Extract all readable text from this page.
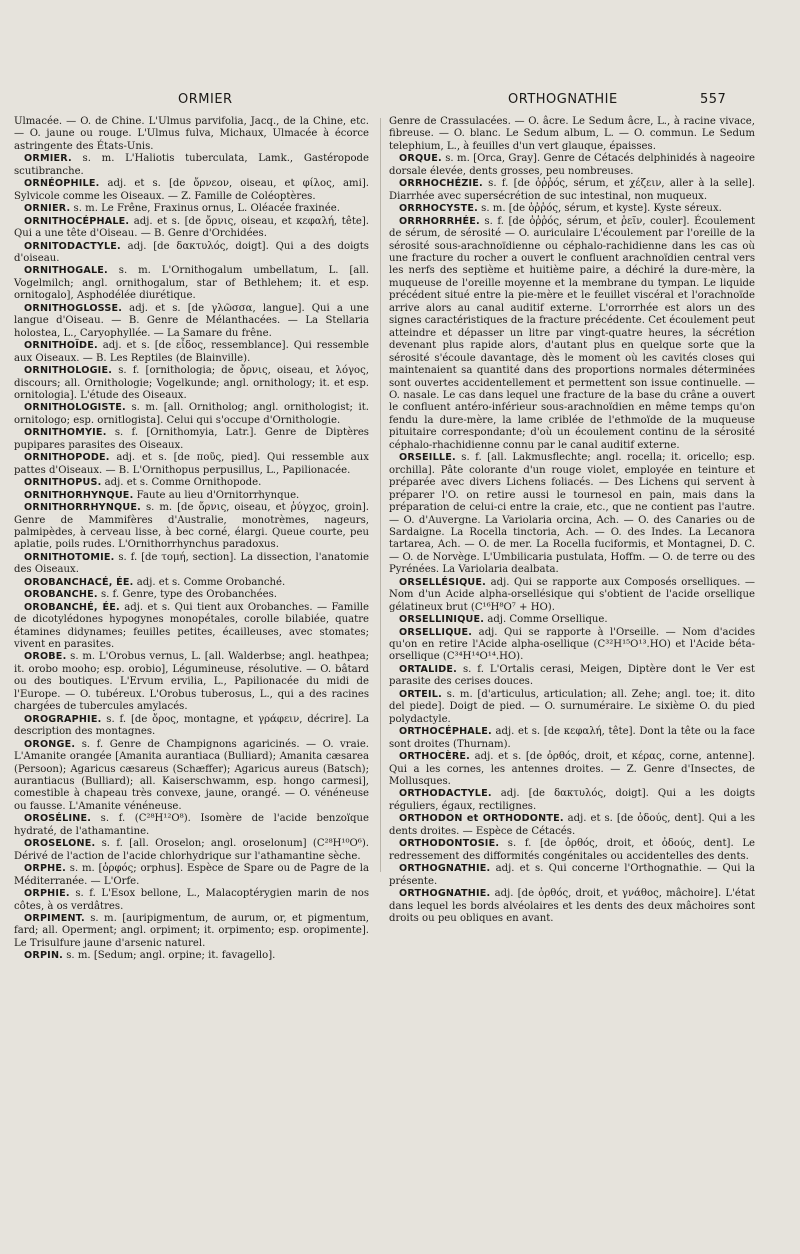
ORMIER	ORTHOGNATHIE	557

Ulmacée. — O. de Chine. L'Ulmus parvifolia, Jacq., de la Chine, etc. — O. jaune ou rouge. L'Ulmus fulva, Michaux, Ulmacée à écorce astringente des États-Unis.

ORMIER. s. m. L'Haliotis tuberculata, Lamk., Gastéropode scutibranche.

ORNÉOPHILE. adj. et s. [de ὄρνεον, oiseau, et φίλος, ami]. Sylvicole comme les Oiseaux. — Z. Famille de Coléoptères.

ORNIER. s. m. Le Frêne, Fraxinus ornus, L. Oléacée fraxinée.

ORNITHOCÉPHALE. adj. et s. [de ὄρνις, oiseau, et κεφαλή, tête]. Qui a une tête d'Oiseau. — B. Genre d'Orchidées.

ORNITODACTYLE. adj. [de δακτυλός, doigt]. Qui a des doigts d'oiseau.

ORNITHOGALE. s. m. L'Ornithogalum umbellatum, L. [all. Vogelmilch; angl. ornithogalum, star of Bethlehem; it. et esp. ornitogalo], Asphodélée diurétique.

ORNITHOGLOSSE. adj. et s. [de γλῶσσα, langue]. Qui a une langue d'Oiseau. — B. Genre de Mélanthacées. — La Stellaria holostea, L., Caryophyllée. — La Samare du frêne.

ORNITHOÏDE. adj. et s. [de εἶδος, ressemblance]. Qui ressemble aux Oiseaux. — B. Les Reptiles (de Blainville).

ORNITHOLOGIE. s. f. [ornithologia; de ὄρνις, oiseau, et λόγος, discours; all. Ornithologie; Vogelkunde; angl. ornithology; it. et esp. ornitologia]. L'étude des Oiseaux.

ORNITHOLOGISTE. s. m. [all. Ornitholog; angl. ornithologist; it. ornitologo; esp. ornitlogista]. Celui qui s'occupe d'Ornithologie.

ORNITHOMYIE. s. f. [Ornithomyia, Latr.]. Genre de Diptères pupipares parasites des Oiseaux.

ORNITHOPODE. adj. et s. [de ποῦς, pied]. Qui ressemble aux pattes d'Oiseaux. — B. L'Ornithopus perpusillus, L., Papilionacée.

ORNITHOPUS. adj. et s. Comme Ornithopode.

ORNITHORHYNQUE. Faute au lieu d'Ornitorrhynque.

ORNITHORRHYNQUE. s. m. [de ὄρνις, oiseau, et ῥύγχος, groin]. Genre de Mammifères d'Australie, monotrèmes, nageurs, palmipèdes, à cerveau lisse, à bec corné, élargi. Queue courte, peu aplatie, poils rudes. L'Ornithorrhynchus paradoxus.

ORNITHOTOMIE. s. f. [de τομή, section]. La dissection, l'anatomie des Oiseaux.

OROBANCHACÉ, ÉE. adj. et s. Comme Orobanché.

OROBANCHE. s. f. Genre, type des Orobanchées.

OROBANCHÉ, ÉE. adj. et s. Qui tient aux Orobanches. — Famille de dicotylédones hypogynes monopétales, corolle bilabiée, quatre étamines didynames; feuilles petites, écailleuses, avec stomates; vivent en parasites.

OROBE. s. m. L'Orobus vernus, L. [all. Walderbse; angl. heathpea; it. orobo mooho; esp. orobio], Légumineuse, résolutive. — O. bâtard ou des boutiques. L'Ervum ervilia, L., Papilionacée du midi de l'Europe. — O. tubéreux. L'Orobus tuberosus, L., qui a des racines chargées de tubercules amylacés.

OROGRAPHIE. s. f. [de ὄρος, montagne, et γράφειν, décrire]. La description des montagnes.

ORONGE. s. f. Genre de Champignons agaricinés. — O. vraie. L'Amanite orangée [Amanita aurantiaca (Bulliard); Amanita cæsarea (Persoon); Agaricus cæsareus (Schæffer); Agaricus aureus (Batsch); aurantiacus (Bulliard); all. Kaiserschwamm, esp. hongo carmesi], comestible à chapeau très convexe, jaune, orangé. — O. vénéneuse ou fausse. L'Amanite vénéneuse.

OROSÉLINE. s. f. (C²⁸H¹²O⁸). Isomère de l'acide benzoïque hydraté, de l'athamantine.

OROSELONE. s. f. [all. Oroselon; angl. oroselonum] (C²⁸H¹⁰O⁶). Dérivé de l'action de l'acide chlorhydrique sur l'athamantine sèche.

ORPHE. s. m. [ὀρφός; orphus]. Espèce de Spare ou de Pagre de la Méditerranée. — L'Orfe.

ORPHIE. s. f. L'Esox bellone, L., Malacoptérygien marin de nos côtes, à os verdâtres.

ORPIMENT. s. m. [auripigmentum, de aurum, or, et pigmentum, fard; all. Operment; angl. orpiment; it. orpimento; esp. oropimente]. Le Trisulfure jaune d'arsenic naturel.

ORPIN. s. m. [Sedum; angl. orpine; it. favagello].

Genre de Crassulacées. — O. âcre. Le Sedum âcre, L., à racine vivace, fibreuse. — O. blanc. Le Sedum album, L. — O. commun. Le Sedum telephium, L., à feuilles d'un vert glauque, épaisses.

ORQUE. s. m. [Orca, Gray]. Genre de Cétacés delphinidés à nageoire dorsale élevée, dents grosses, peu nombreuses.

ORRHOCHÉZIE. s. f. [de ὀῤῥός, sérum, et χέζειν, aller à la selle]. Diarrhée avec supersécrétion de suc intestinal, non muqueux.

ORRHOCYSTE. s. m. [de ὀῤῥός, sérum, et kyste]. Kyste séreux.

ORRHORRHÉE. s. f. [de ὀῤῥός, sérum, et ῥεῖν, couler]. Écoulement de sérum, de sérosité — O. auriculaire L'écoulement par l'oreille de la sérosité sous-arachnoïdienne ou céphalo-rachidienne dans les cas où une fracture du rocher a ouvert le confluent arachnoïdien central vers les nerfs des septième et huitième paire, a déchiré la dure-mère, la muqueuse de l'oreille moyenne et la membrane du tympan. Le liquide précédent situé entre la pie-mère et le feuillet viscéral et l'orachnoïde arrive alors au canal auditif externe. L'orrorrhée est alors un des signes caractéristiques de la fracture précédente. Cet écoulement peut atteindre et dépasser un litre par vingt-quatre heures, la sécrétion devenant plus rapide alors, d'autant plus en quelque sorte que la sérosité s'écoule davantage, dès le moment où les cavités closes qui maintenaient sa quantité dans des proportions normales déterminées sont ouvertes accidentellement et permettent son issue continuelle. — O. nasale. Le cas dans lequel une fracture de la base du crâne a ouvert le confluent antéro-inférieur sous-arachnoïdien en même temps qu'on fendu la dure-mère, la lame criblée de l'ethmoïde de la muqueuse pituitaire correspondante; d'où un écoulement continu de la sérosité céphalo-rhachidienne connu par le canal auditif externe.

ORSEILLE. s. f. [all. Lakmusflechte; angl. rocella; it. oricello; esp. orchilla]. Pâte colorante d'un rouge violet, employée en teinture et préparée avec divers Lichens foliacés. — Des Lichens qui servent à préparer l'O. on retire aussi le tournesol en pain, mais dans la préparation de celui-ci entre la craie, etc., que ne contient pas l'autre. — O. d'Auvergne. La Variolaria orcina, Ach. — O. des Canaries ou de Sardaigne. La Rocella tinctoria, Ach. — O. des Indes. La Lecanora tartarea, Ach. — O. de mer. La Rocella fuciformis, et Montagnei, D. C. — O. de Norvège. L'Umbilicaria pustulata, Hoffm. — O. de terre ou des Pyrénées. La Variolaria dealbata.

ORSELLÉSIQUE. adj. Qui se rapporte aux Composés orselliques. — Nom d'un Acide alpha-orsellésique qui s'obtient de l'acide orsellique gélatineux brut (C¹⁶H⁸O⁷ + HO).

ORSELLINIQUE. adj. Comme Orsellique.

ORSELLIQUE. adj. Qui se rapporte à l'Orseille. — Nom d'acides qu'on en retire l'Acide alpha-osellique (C³²H¹⁵O¹³.HO) et l'Acide béta-orsellique (C³⁴H¹⁴O¹⁴.HO).

ORTALIDE. s. f. L'Ortalis cerasi, Meigen, Diptère dont le Ver est parasite des cerises douces.

ORTEIL. s. m. [d'articulus, articulation; all. Zehe; angl. toe; it. dito del piede]. Doigt de pied. — O. surnuméraire. Le sixième O. du pied polydactyle.

ORTHOCÉPHALE. adj. et s. [de κεφαλή, tête]. Dont la tête ou la face sont droites (Thurnam).

ORTHOCÈRE. adj. et s. [de ὀρθός, droit, et κέρας, corne, antenne]. Qui a les cornes, les antennes droites. — Z. Genre d'Insectes, de Mollusques.

ORTHODACTYLE. adj. [de δακτυλός, doigt]. Qui a les doigts réguliers, égaux, rectilignes.

ORTHODON et ORTHODONTE. adj. et s. [de ὀδούς, dent]. Qui a les dents droites. — Espèce de Cétacés.

ORTHODONTOSIE. s. f. [de ὀρθός, droit, et ὀδούς, dent]. Le redressement des difformités congénitales ou accidentelles des dents.

ORTHOGNATHIE. adj. et s. Qui concerne l'Orthognathie. — Qui la présente.

ORTHOGNATHIE. adj. [de ὀρθός, droit, et γνάθος, mâchoire]. L'état dans lequel les bords alvéolaires et les dents des deux mâchoires sont droits ou peu obliques en avant.
